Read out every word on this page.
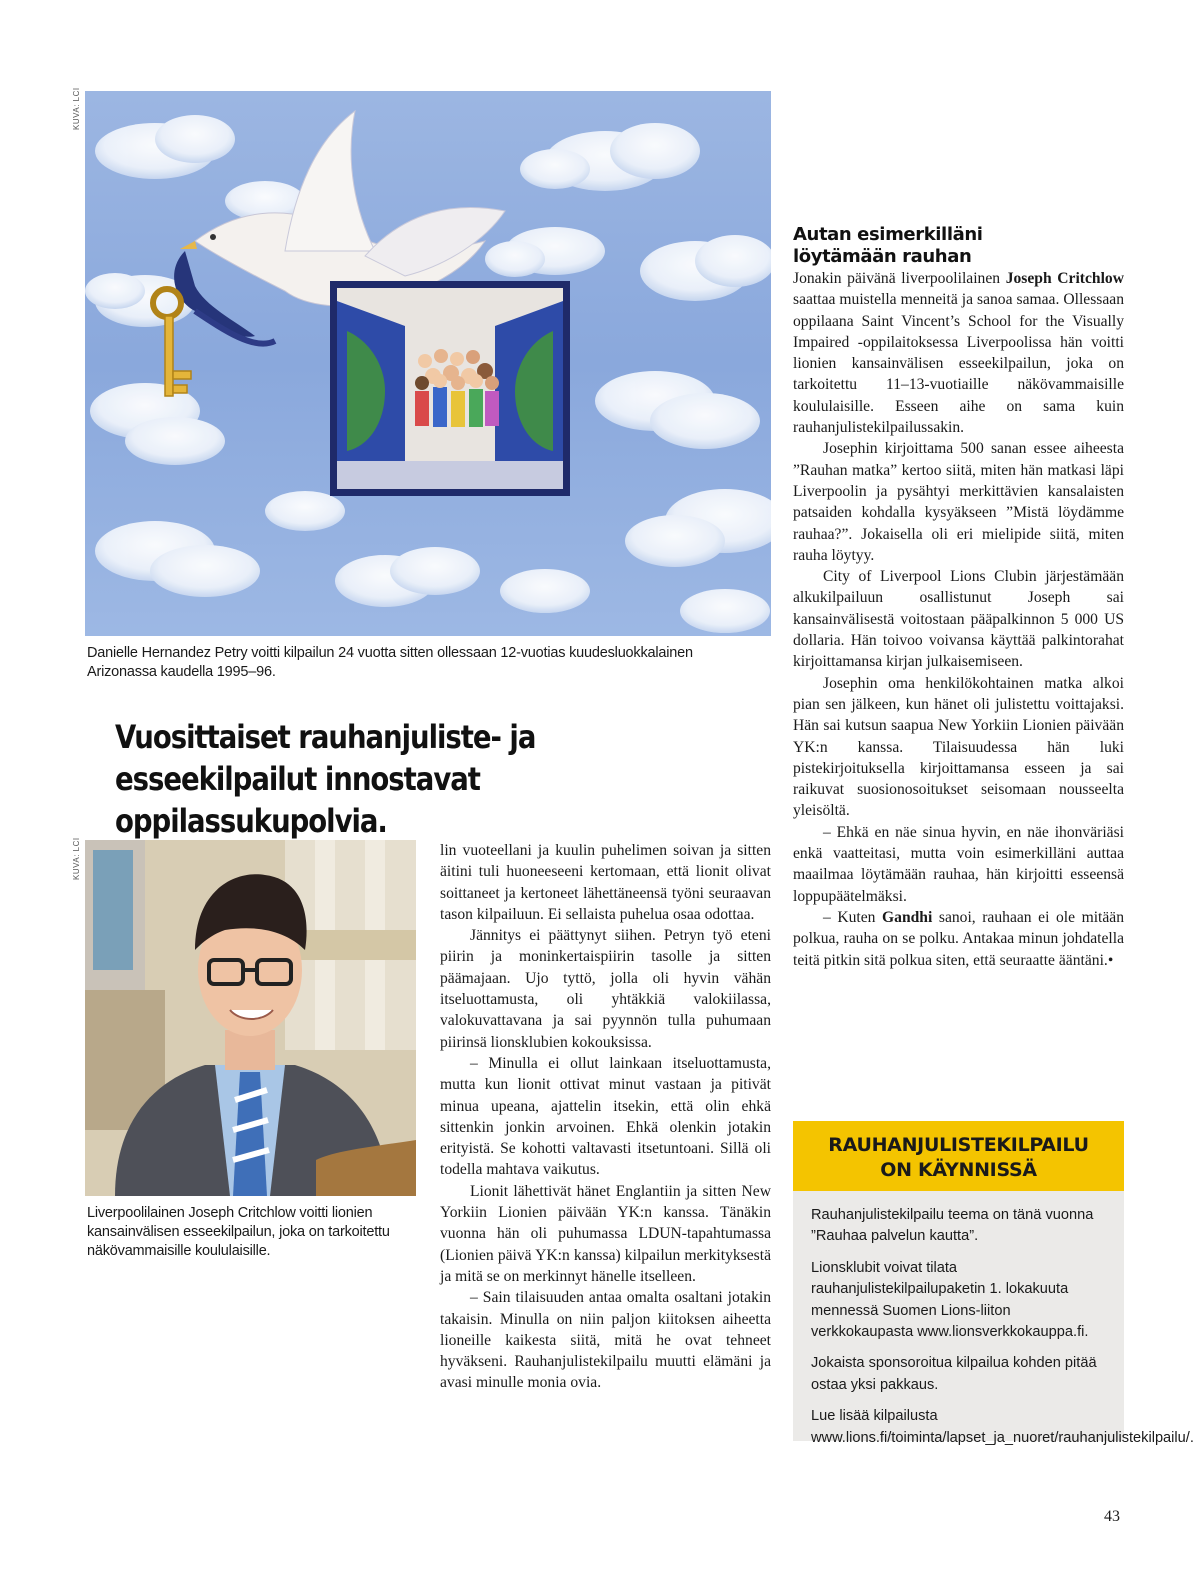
KUVA: LCI
KUVA: LCI
Danielle Hernandez Petry voitti kilpailun 24 vuotta sitten ollessaan 12-vuotias kuudesluokkalainen Arizonassa kaudella 1995–96.
Vuosittaiset rauhanjuliste- ja esseekilpailut innostavat oppilassukupolvia.
Liverpoolilainen Joseph Critchlow voitti lionien kansainvälisen esseekilpailun, joka on tarkoitettu näkövammaisille koululaisille.

lin vuoteellani ja kuulin puhelimen soivan ja sitten äitini tuli huoneeseeni kertomaan, että lionit olivat soittaneet ja kertoneet lähettäneensä työni seuraavan tason kilpailuun. Ei sellaista puhelua osaa odottaa.

Jännitys ei päättynyt siihen. Petryn työ eteni piirin ja moninkertaispiirin tasolle ja sitten päämajaan. Ujo tyttö, jolla oli hyvin vähän itseluottamusta, oli yhtäkkiä valokiilassa, valokuvattavana ja sai pyynnön tulla puhumaan piirinsä lionsklubien kokouksissa.

– Minulla ei ollut lainkaan itseluottamusta, mutta kun lionit ottivat minut vastaan ja pitivät minua upeana, ajattelin itsekin, että olin ehkä sittenkin jonkin arvoinen. Ehkä olenkin jotakin erityistä. Se kohotti valtavasti itsetuntoani. Sillä oli todella mahtava vaikutus.

Lionit lähettivät hänet Englantiin ja sitten New Yorkiin Lionien päivään YK:n kanssa. Tänäkin vuonna hän oli puhumassa LDUN-tapahtumassa (Lionien päivä YK:n kanssa) kilpailun merkityksestä ja mitä se on merkinnyt hänelle itselleen.

– Sain tilaisuuden antaa omalta osaltani jotakin takaisin. Minulla on niin paljon kiitoksen aiheetta lioneille kaikesta siitä, mitä he ovat tehneet hyväkseni. Rauhanjulistekilpailu muutti elämäni ja avasi minulle monia ovia.

Autan esimerkilläni
löytämään rauhan

Jonakin päivänä liverpoolilainen Joseph Critchlow saattaa muistella menneitä ja sanoa samaa. Ollessaan oppilaana Saint Vincent’s School for the Visually Impaired -oppilaitoksessa Liverpoolissa hän voitti lionien kansainvälisen esseekilpailun, joka on tarkoitettu 11–13-vuotiaille näkövammaisille koululaisille. Esseen aihe on sama kuin rauhanjulistekilpailussakin.

Josephin kirjoittama 500 sanan essee aiheesta ”Rauhan matka” kertoo siitä, miten hän matkasi läpi Liverpoolin ja pysähtyi merkittävien kansalaisten patsaiden kohdalla kysyäkseen ”Mistä löydämme rauhaa?”. Jokaisella oli eri mielipide siitä, miten rauha löytyy.

City of Liverpool Lions Clubin järjestämään alkukilpailuun osallistunut Joseph sai kansainvälisestä voitostaan pääpalkinnon 5 000 US dollaria. Hän toivoo voivansa käyttää palkintorahat kirjoittamansa kirjan julkaisemiseen.

Josephin oma henkilökohtainen matka alkoi pian sen jälkeen, kun hänet oli julistettu voittajaksi. Hän sai kutsun saapua New Yorkiin Lionien päivään YK:n kanssa. Tilaisuudessa hän luki pistekirjoituksella kirjoittamansa esseen ja sai raikuvat suosionosoitukset seisomaan nousseelta yleisöltä.

– Ehkä en näe sinua hyvin, en näe ihonväriäsi enkä vaatteitasi, mutta voin esimerkilläni auttaa maailmaa löytämään rauhaa, hän kirjoitti esseensä loppupäätelmäksi.

– Kuten Gandhi sanoi, rauhaan ei ole mitään polkua, rauha on se polku. Antakaa minun johdatella teitä pitkin sitä polkua siten, että seuraatte ääntäni.•

RAUHANJULISTEKILPAILU
ON KÄYNNISSÄ

Rauhanjulistekilpailu teema on tänä vuonna ”Rauhaa palvelun kautta”.

Lionsklubit voivat tilata rauhanjulistekilpailupaketin 1. lokakuuta mennessä Suomen Lions-liiton verkkokaupasta www.lionsverkkokauppa.fi.

Jokaista sponsoroitua kilpailua kohden pitää ostaa yksi pakkaus.

Lue lisää kilpailusta www.lions.fi/toiminta/lapset_ja_nuoret/rauhanjulistekilpailu/.

43
